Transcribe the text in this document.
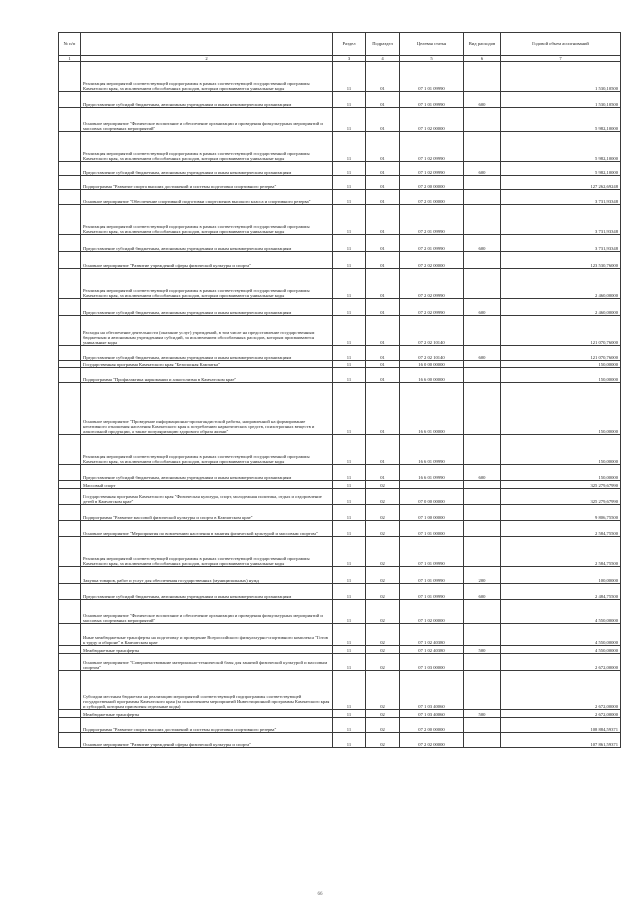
№ п/п		Раздел	Подраздел	Целевая статья	Вид расходов	Годовой объем ассигнований
1	2	3	4	5	6	7
	Реализация мероприятий соответствующей подпрограммы в рамках соответствующей государственной программы Камчатского края, за исключением обособленных расходов, которым присваиваются уникальные коды	11	01	07 1 01 09990		1 530,10500
	Предоставление субсидий бюджетным, автономным учреждениям и иным некоммерческим организациям	11	01	07 1 01 09990	600	1 530,10500
	Основное мероприятие "Физическое воспитание и обеспечение организации и проведения физкультурных мероприятий и массовых спортивных мероприятий"	11	01	07 1 02 00000		5 982,10000
	Реализация мероприятий соответствующей подпрограммы в рамках соответствующей государственной программы Камчатского края, за исключением обособленных расходов, которым присваиваются уникальные коды	11	01	07 1 02 09990		5 982,10000
	Предоставление субсидий бюджетным, автономным учреждениям и иным некоммерческим организациям	11	01	07 1 02 09990	600	5 982,10000
	Подпрограмма "Развитие спорта высших достижений и системы подготовки спортивного резерва"	11	01	07 2 00 00000		127 262,69248
	Основное мероприятие "Обеспечение спортивной подготовки спортсменов высокого класса и спортивного резерва"	11	01	07 2 01 00000		3 731,93348
	Реализация мероприятий соответствующей подпрограммы в рамках соответствующей государственной программы Камчатского края, за исключением обособленных расходов, которым присваиваются уникальные коды	11	01	07 2 01 09990		3 731,93348
	Предоставление субсидий бюджетным, автономным учреждениям и иным некоммерческим организациям	11	01	07 2 01 09990	600	3 731,93348
	Основное мероприятие "Развитие учреждений сферы физической культуры и спорта"	11	01	07 2 02 00000		123 530,76000
	Реализация мероприятий соответствующей подпрограммы в рамках соответствующей государственной программы Камчатского края, за исключением обособленных расходов, которым присваиваются уникальные коды	11	01	07 2 02 09990		2 460,00000
	Предоставление субсидий бюджетным, автономным учреждениям и иным некоммерческим организациям	11	01	07 2 02 09990	600	2 460,00000
	Расходы на обеспечение деятельности (оказание услуг) учреждений, в том числе на предоставление государственным бюджетным и автономным учреждениям субсидий, за исключением обособленных расходов, которым присваиваются уникальные коды	11	01	07 2 02 10140		121 070,76000
	Предоставление субсидий бюджетным, автономным учреждениям и иным некоммерческим организациям	11	01	07 2 02 10140	600	121 070,76000
	Государственная программа Камчатского края "Безопасная Камчатка"	11	01	16 0 00 00000		150,00000
	Подпрограмма "Профилактика наркомании и алкоголизма в Камчатском крае"	11	01	16 6 00 00000		150,00000
	Основное мероприятие "Проведение информационно-пропагандистской работы, направленной на формирование негативного отношения населения Камчатского края к потреблению наркотических средств, психотропных веществ и алкогольной продукции, а также популяризацию здорового образа жизни"	11	01	16 6 01 00000		150,00000
	Реализация мероприятий соответствующей подпрограммы в рамках соответствующей государственной программы Камчатского края, за исключением обособленных расходов, которым присваиваются уникальные коды	11	01	16 6 01 09990		150,00000
	Предоставление субсидий бюджетным, автономным учреждениям и иным некоммерческим организациям	11	01	16 6 01 09990	600	150,00000
	Массовый спорт	11	02			325 279,67990
	Государственная программа Камчатского края "Физическая культура, спорт, молодежная политика, отдых и оздоровление детей в Камчатском крае"	11	02	07 0 00 00000		325 279,67990
	Подпрограмма "Развитие массовой физической культуры и спорта в Камчатском крае"	11	02	07 1 00 00000		9 806,75500
	Основное мероприятие "Мероприятия по вовлечению населения в занятия физической культурой и массовым спортом"	11	02	07 1 01 00000		2 584,75500
	Реализация мероприятий соответствующей подпрограммы в рамках соответствующей государственной программы Камчатского края, за исключением обособленных расходов, которым присваиваются уникальные коды	11	02	07 1 01 09990		2 584,75500
	Закупка товаров, работ и услуг для обеспечения государственных (муниципальных) нужд	11	02	07 1 01 09990	200	100,00000
	Предоставление субсидий бюджетным, автономным учреждениям и иным некоммерческим организациям	11	02	07 1 01 09990	600	2 484,75500
	Основное мероприятие "Физическое воспитание и обеспечение организации и проведения физкультурных мероприятий и массовых спортивных мероприятий"	11	02	07 1 02 00000		4 550,00000
	Иные межбюджетные трансферты на подготовку и проведение Всероссийского физкультурно-спортивного комплекса "Готов к труду и обороне" в Камчатском крае	11	02	07 1 02 40380		4 550,00000
	Межбюджетные трансферты	11	02	07 1 02 40380	500	4 550,00000
	Основное мероприятие "Совершенствование материально-технической базы для занятий физической культурой и массовым спортом"	11	02	07 1 03 00000		2 672,00000
	Субсидии местным бюджетам на реализацию мероприятий соответствующей подпрограммы соответствующей государственной программы Камчатского края (за исключением мероприятий Инвестиционной программы Камчатского края и субсидий, которым присвоены отдельные коды)	11	02	07 1 03 40060		2 672,00000
	Межбюджетные трансферты	11	02	07 1 03 40060	500	2 672,00000
	Подпрограмма "Развитие спорта высших достижений и системы подготовки спортивного резерва"	11	02	07 2 00 00000		108 884,59371
	Основное мероприятие "Развитие учреждений сферы физической культуры и спорта"	11	02	07 2 02 00000		107 861,59371
66
